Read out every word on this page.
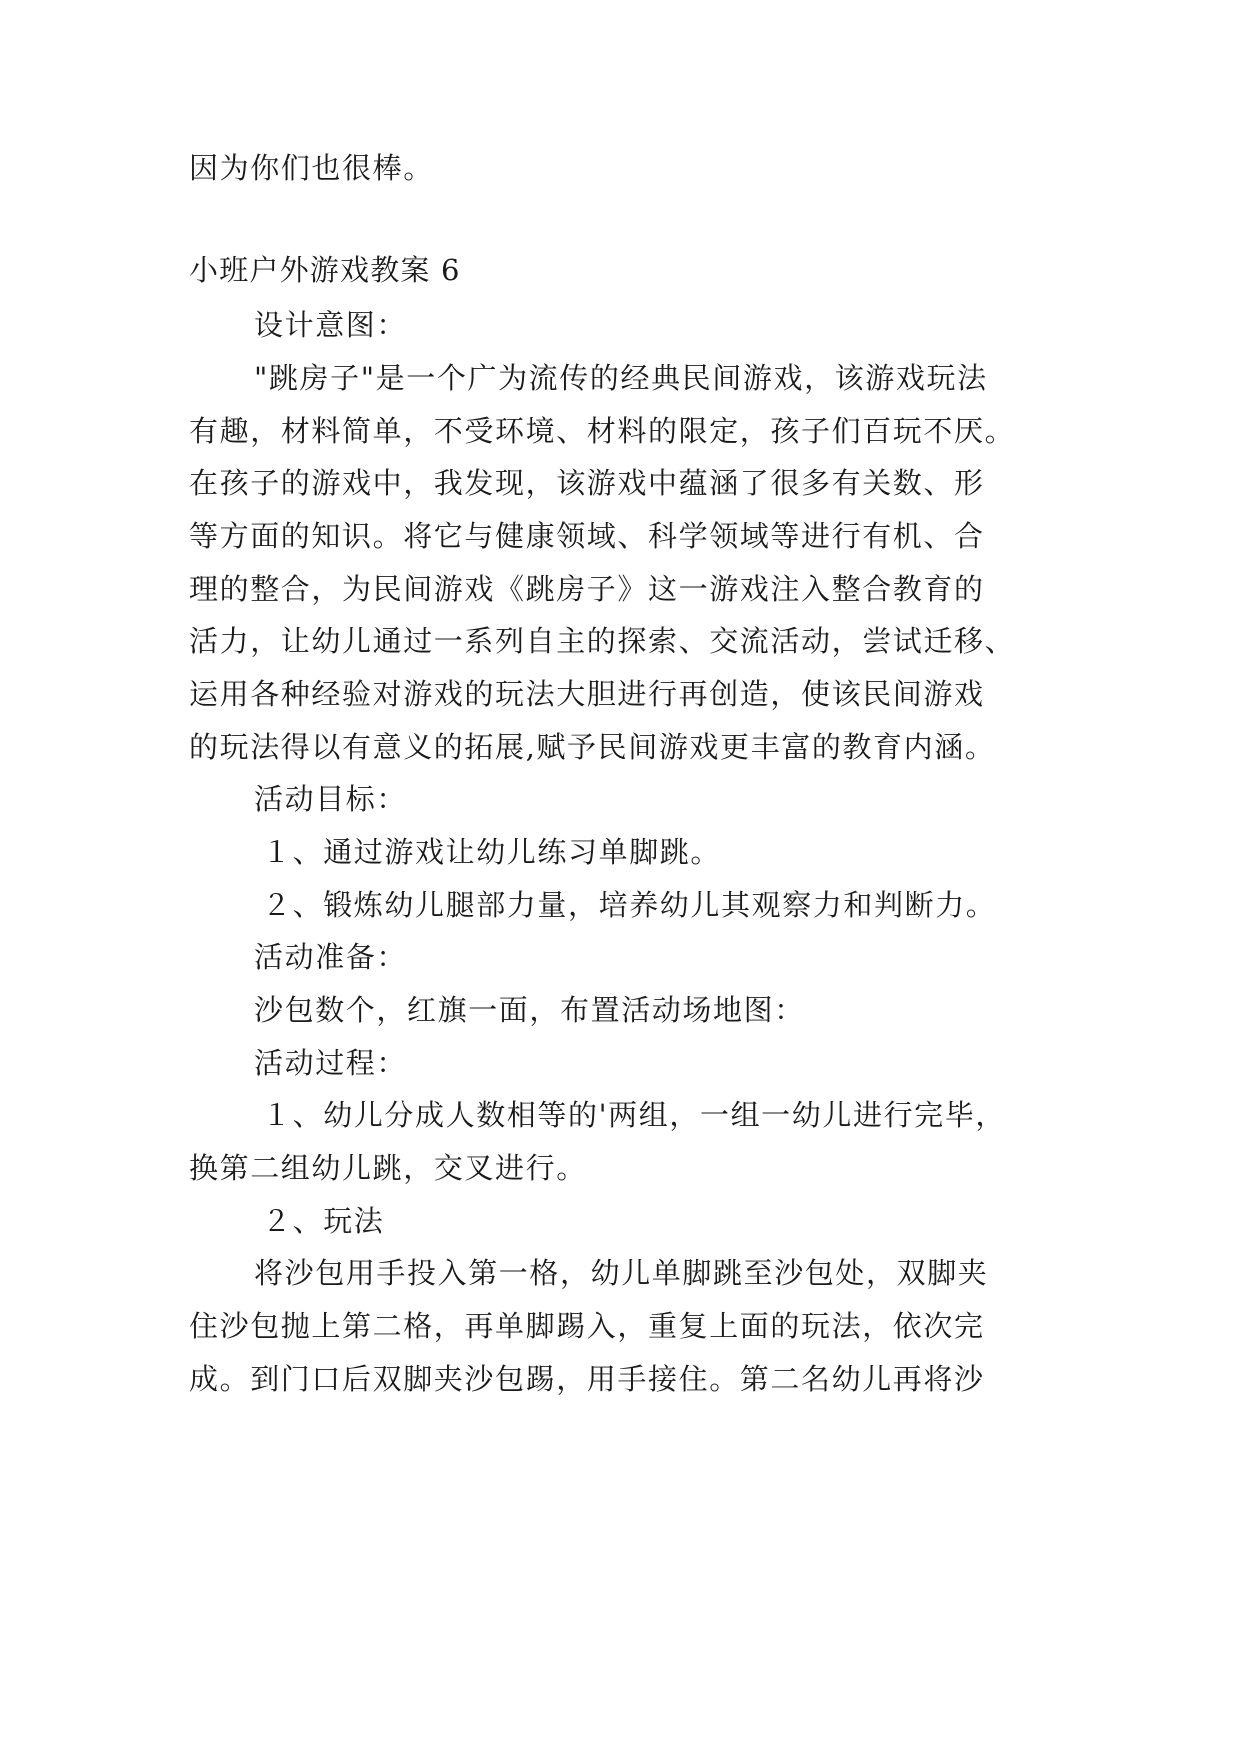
因为你们也很棒。
小班户外游戏教案 6
设计意图：
"跳房子"是一个广为流传的经典民间游戏，该游戏玩法
有趣，材料简单，不受环境、材料的限定，孩子们百玩不厌。
在孩子的游戏中，我发现，该游戏中蕴涵了很多有关数、形
等方面的知识。将它与健康领域、科学领域等进行有机、合
理的整合，为民间游戏《跳房子》这一游戏注入整合教育的
活力，让幼儿通过一系列自主的探索、交流活动，尝试迁移、
运用各种经验对游戏的玩法大胆进行再创造，使该民间游戏
的玩法得以有意义的拓展,赋予民间游戏更丰富的教育内涵。
活动目标：
１、通过游戏让幼儿练习单脚跳。
２、锻炼幼儿腿部力量，培养幼儿其观察力和判断力。
活动准备：
沙包数个，红旗一面，布置活动场地图：
活动过程：
１、幼儿分成人数相等的'两组，一组一幼儿进行完毕，
换第二组幼儿跳，交叉进行。
２、玩法
将沙包用手投入第一格，幼儿单脚跳至沙包处，双脚夹
住沙包抛上第二格，再单脚踢入，重复上面的玩法，依次完
成。到门口后双脚夹沙包踢，用手接住。第二名幼儿再将沙
